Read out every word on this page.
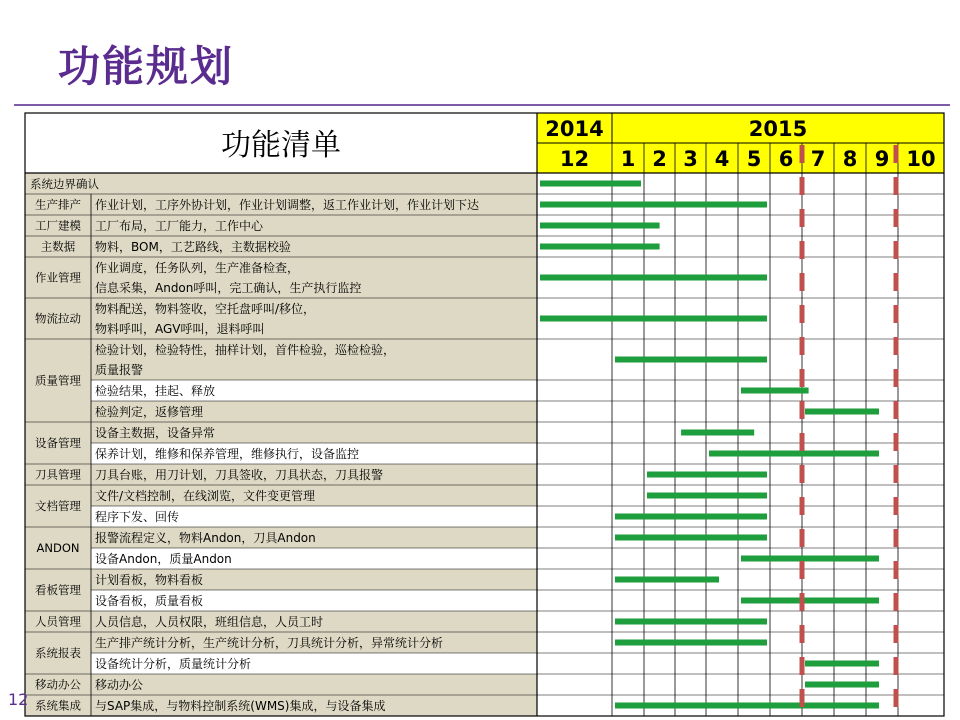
功能规划
功能清单	2014	2015
12 1 2 3 4 5 6 7 8 9 10
系统边界确认
生产排产
工厂建模
主数据
作业管理
物流拉动
质量管理
设备管理
刀具管理
文档管理
ANDON
看板管理
人员管理
系统报表
移动办公
系统集成
作业计划，工序外协计划，作业计划调整，返工作业计划，作业计划下达
工厂布局，工厂能力，工作中心
物料，BOM，工艺路线，主数据校验
作业调度，任务队列，生产准备检查，
信息采集，Andon呼叫，完工确认，生产执行监控
物料配送，物料签收，空托盘呼叫/移位，
物料呼叫，AGV呼叫，退料呼叫
检验计划，检验特性，抽样计划，首件检验，巡检检验，
质量报警
检验结果，挂起、释放
检验判定，返修管理
设备主数据，设备异常
保养计划，维修和保养管理，维修执行，设备监控
刀具台账，用刀计划，刀具签收，刀具状态，刀具报警
文件/文档控制，在线浏览，文件变更管理
程序下发、回传
报警流程定义，物料Andon，刀具Andon
设备Andon，质量Andon
计划看板，物料看板
设备看板，质量看板
人员信息，人员权限，班组信息，人员工时
生产排产统计分析，生产统计分析，刀具统计分析，异常统计分析
设备统计分析，质量统计分析
移动办公
与SAP集成，与物料控制系统(WMS)集成，与设备集成
12
